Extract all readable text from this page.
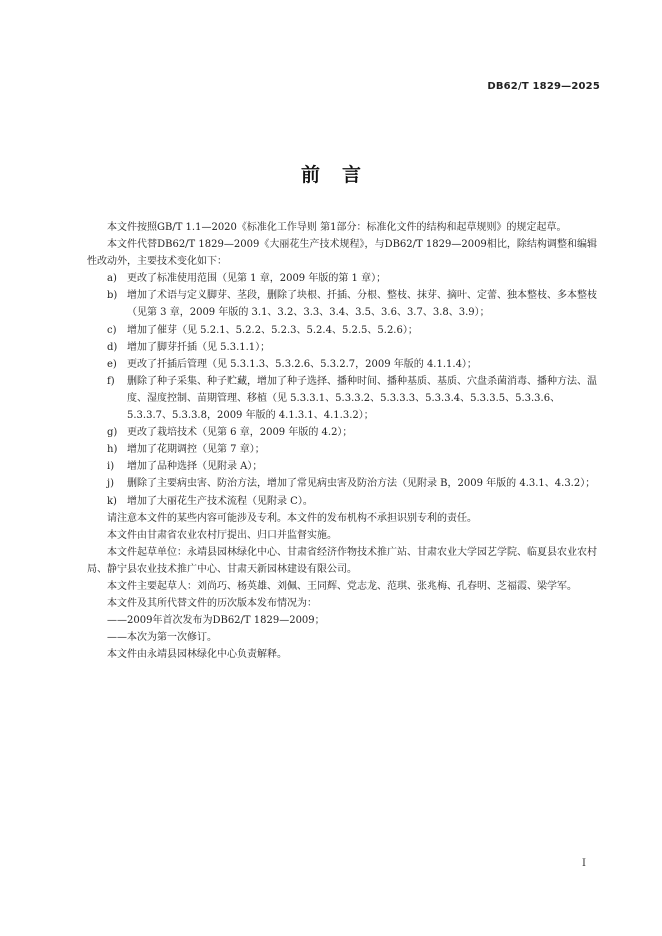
DB62/T 1829—2025
前言

本文件按照GB/T 1.1—2020《标准化工作导则 第1部分：标准化文件的结构和起草规则》的规定起草。

本文件代替DB62/T 1829—2009《大丽花生产技术规程》，与DB62/T 1829—2009相比，除结构调整和编辑性改动外，主要技术变化如下：

a)	更改了标准使用范围（见第 1 章，2009 年版的第 1 章）；
b) 增加了术语与定义脚芽、茎段，删除了块根、扦插、分根、整枝、抹芽、摘叶、定蕾、独本整枝、多本整枝（见第 3 章，2009 年版的 3.1、3.2、3.3、3.4、3.5、3.6、3.7、3.8、3.9）；
c)	增加了催芽（见 5.2.1、5.2.2、5.2.3、5.2.4、5.2.5、5.2.6）；
d) 增加了脚芽扦插（见 5.3.1.1）；
e)	更改了扦插后管理（见 5.3.1.3、5.3.2.6、5.3.2.7，2009 年版的 4.1.1.4）；
f)	删除了种子采集、种子贮藏，增加了种子选择、播种时间、播种基质、基质、穴盘杀菌消毒、播种方法、温度、湿度控制、苗期管理、移植（见 5.3.3.1、5.3.3.2、5.3.3.3、5.3.3.4、5.3.3.5、5.3.3.6、5.3.3.7、5.3.3.8，2009 年版的 4.1.3.1、4.1.3.2）；
g) 更改了栽培技术（见第 6 章，2009 年版的 4.2）；
h) 增加了花期调控（见第 7 章）；
i)	增加了品种选择（见附录 A）；
j)	删除了主要病虫害、防治方法，增加了常见病虫害及防治方法（见附录 B，2009 年版的 4.3.1、4.3.2）；
k)	增加了大丽花生产技术流程（见附录 C）。

请注意本文件的某些内容可能涉及专利。本文件的发布机构不承担识别专利的责任。

本文件由甘肃省农业农村厅提出、归口并监督实施。

本文件起草单位：永靖县园林绿化中心、甘肃省经济作物技术推广站、甘肃农业大学园艺学院、临夏县农业农村局、静宁县农业技术推广中心、甘肃天新园林建设有限公司。

本文件主要起草人：刘尚巧、杨英雄、刘佩、王同辉、党志龙、范琪、张兆梅、孔春明、芝福霞、梁学军。

本文件及其所代替文件的历次版本发布情况为：

——2009年首次发布为DB62/T 1829—2009；

——本次为第一次修订。

本文件由永靖县园林绿化中心负责解释。

I
